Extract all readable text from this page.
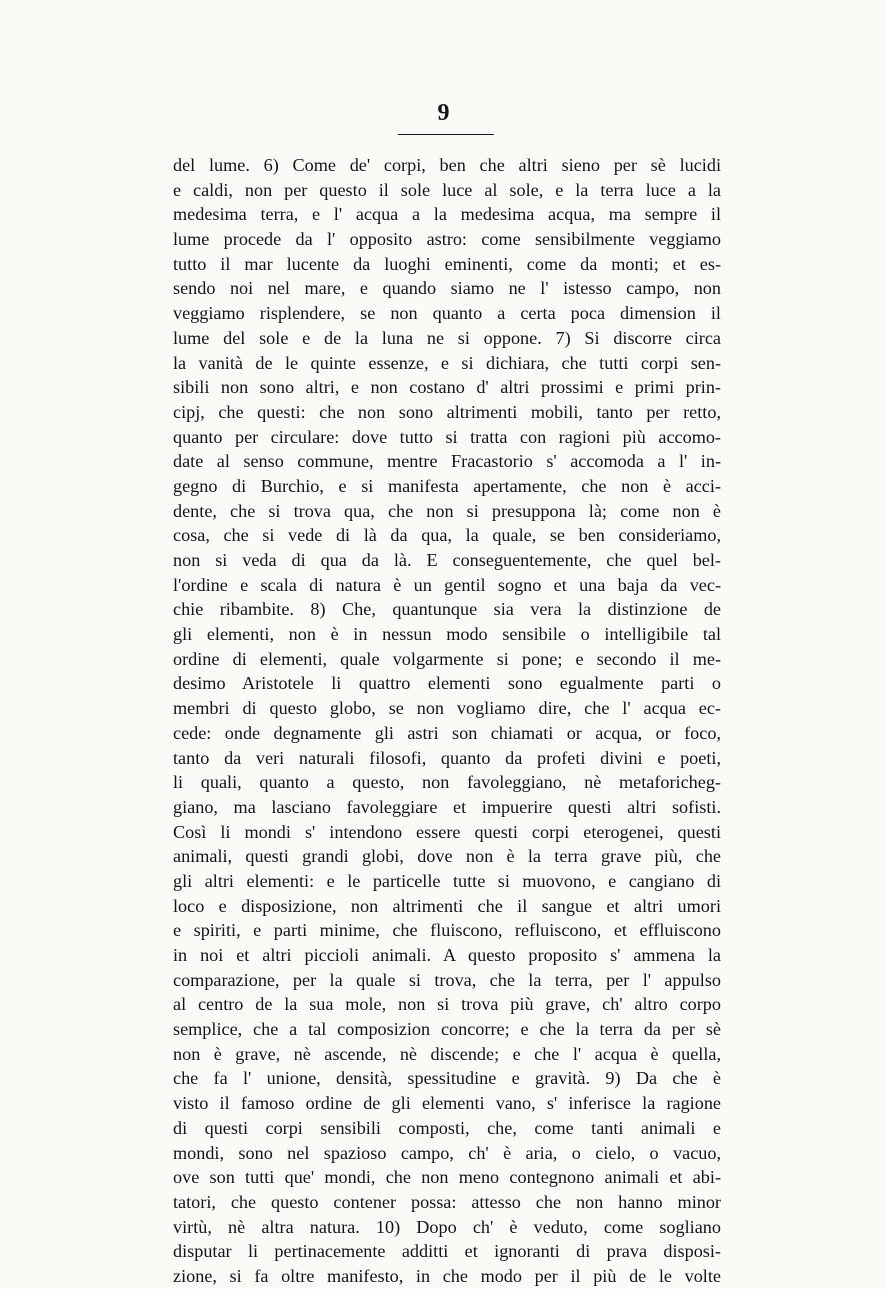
9
del lume. 6) Come de' corpi, ben che altri sieno per sè lucidi
e caldi, non per questo il sole luce al sole, e la terra luce a la
medesima terra, e l' acqua a la medesima acqua, ma sempre il
lume procede da l' opposito astro: come sensibilmente veggiamo
tutto il mar lucente da luoghi eminenti, come da monti; et es-
sendo noi nel mare, e quando siamo ne l' istesso campo, non
veggiamo risplendere, se non quanto a certa poca dimension il
lume del sole e de la luna ne si oppone. 7) Si discorre circa
la vanità de le quinte essenze, e si dichiara, che tutti corpi sen-
sibili non sono altri, e non costano d' altri prossimi e primi prin-
cipj, che questi: che non sono altrimenti mobili, tanto per retto,
quanto per circulare: dove tutto si tratta con ragioni più accomo-
date al senso commune, mentre Fracastorio s' accomoda a l' in-
gegno di Burchio, e si manifesta apertamente, che non è acci-
dente, che si trova qua, che non si presuppona là; come non è
cosa, che si vede di là da qua, la quale, se ben consideriamo,
non si veda di qua da là. E conseguentemente, che quel bel-
l'ordine e scala di natura è un gentil sogno et una baja da vec-
chie ribambite. 8) Che, quantunque sia vera la distinzione de
gli elementi, non è in nessun modo sensibile o intelligibile tal
ordine di elementi, quale volgarmente si pone; e secondo il me-
desimo Aristotele li quattro elementi sono egualmente parti o
membri di questo globo, se non vogliamo dire, che l' acqua ec-
cede: onde degnamente gli astri son chiamati or acqua, or foco,
tanto da veri naturali filosofi, quanto da profeti divini e poeti,
li quali, quanto a questo, non favoleggiano, nè metaforicheg-
giano, ma lasciano favoleggiare et impuerire questi altri sofisti.
Così li mondi s' intendono essere questi corpi eterogenei, questi
animali, questi grandi globi, dove non è la terra grave più, che
gli altri elementi: e le particelle tutte si muovono, e cangiano di
loco e disposizione, non altrimenti che il sangue et altri umori
e spiriti, e parti minime, che fluiscono, refluiscono, et effluiscono
in noi et altri piccioli animali. A questo proposito s' ammena la
comparazione, per la quale si trova, che la terra, per l' appulso
al centro de la sua mole, non si trova più grave, ch' altro corpo
semplice, che a tal composizion concorre; e che la terra da per sè
non è grave, nè ascende, nè discende; e che l' acqua è quella,
che fa l' unione, densità, spessitudine e gravità. 9) Da che è
visto il famoso ordine de gli elementi vano, s' inferisce la ragione
di questi corpi sensibili composti, che, come tanti animali e
mondi, sono nel spazioso campo, ch' è aria, o cielo, o vacuo,
ove son tutti que' mondi, che non meno contegnono animali et abi-
tatori, che questo contener possa: attesso che non hanno minor
virtù, nè altra natura. 10) Dopo ch' è veduto, come sogliano
disputar li pertinacemente additti et ignoranti di prava disposi-
zione, si fa oltre manifesto, in che modo per il più de le volte
